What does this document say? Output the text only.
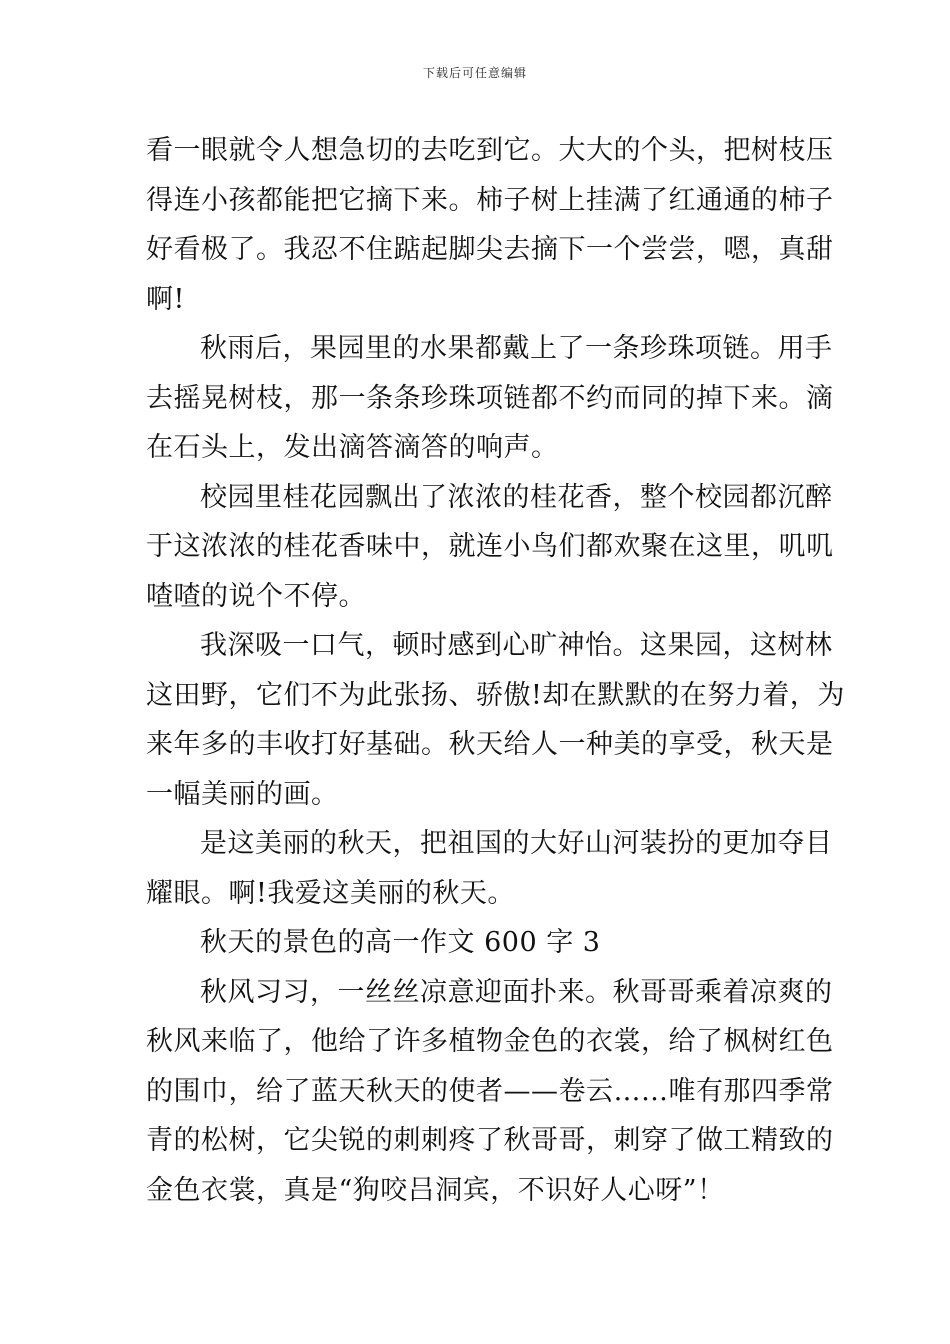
下载后可任意编辑
看一眼就令人想急切的去吃到它。大大的个头，把树枝压
得连小孩都能把它摘下来。柿子树上挂满了红通通的柿子
好看极了。我忍不住踮起脚尖去摘下一个尝尝，嗯，真甜
啊!
秋雨后，果园里的水果都戴上了一条珍珠项链。用手
去摇晃树枝，那一条条珍珠项链都不约而同的掉下来。滴
在石头上，发出滴答滴答的响声。
校园里桂花园飘出了浓浓的桂花香，整个校园都沉醉
于这浓浓的桂花香味中，就连小鸟们都欢聚在这里，叽叽
喳喳的说个不停。
我深吸一口气，顿时感到心旷神怡。这果园，这树林
这田野，它们不为此张扬、骄傲!却在默默的在努力着，为
来年多的丰收打好基础。秋天给人一种美的享受，秋天是
一幅美丽的画。
是这美丽的秋天，把祖国的大好山河装扮的更加夺目
耀眼。啊!我爱这美丽的秋天。
秋天的景色的高一作文 600 字 3
秋风习习，一丝丝凉意迎面扑来。秋哥哥乘着凉爽的
秋风来临了，他给了许多植物金色的衣裳，给了枫树红色
的围巾，给了蓝天秋天的使者——卷云……唯有那四季常
青的松树，它尖锐的刺刺疼了秋哥哥，刺穿了做工精致的
金色衣裳，真是“狗咬吕洞宾，不识好人心呀”！
